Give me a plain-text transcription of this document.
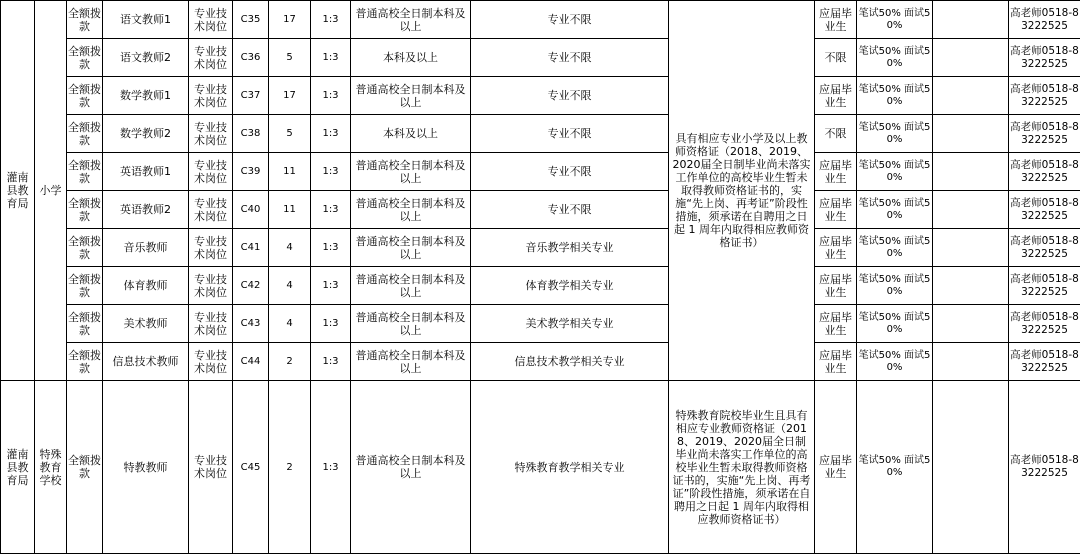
灌南县教育局	小学	全额拨款	语文教师1	专业技术岗位	C35	17	1:3	普通高校全日制本科及以上	专业不限	具有相应专业小学及以上教师资格证（2018、2019、2020届全日制毕业尚未落实工作单位的高校毕业生暂未取得教师资格证书的，实施“先上岗、再考证”阶段性措施，须承诺在自聘用之日起 1 周年内取得相应教师资格证书）	应届毕业生	笔试50% 面试50%		高老师0518-83222525
		全额拨款	语文教师2	专业技术岗位	C36	5	1:3	本科及以上	专业不限		不限	笔试50% 面试50%		高老师0518-83222525
		全额拨款	数学教师1	专业技术岗位	C37	17	1:3	普通高校全日制本科及以上	专业不限		应届毕业生	笔试50% 面试50%		高老师0518-83222525
		全额拨款	数学教师2	专业技术岗位	C38	5	1:3	本科及以上	专业不限		不限	笔试50% 面试50%		高老师0518-83222525
		全额拨款	英语教师1	专业技术岗位	C39	11	1:3	普通高校全日制本科及以上	专业不限		应届毕业生	笔试50% 面试50%		高老师0518-83222525
		全额拨款	英语教师2	专业技术岗位	C40	11	1:3	普通高校全日制本科及以上	专业不限		应届毕业生	笔试50% 面试50%		高老师0518-83222525
		全额拨款	音乐教师	专业技术岗位	C41	4	1:3	普通高校全日制本科及以上	音乐教学相关专业		应届毕业生	笔试50% 面试50%		高老师0518-83222525
		全额拨款	体育教师	专业技术岗位	C42	4	1:3	普通高校全日制本科及以上	体育教学相关专业		应届毕业生	笔试50% 面试50%		高老师0518-83222525
		全额拨款	美术教师	专业技术岗位	C43	4	1:3	普通高校全日制本科及以上	美术教学相关专业		应届毕业生	笔试50% 面试50%		高老师0518-83222525
		全额拨款	信息技术教师	专业技术岗位	C44	2	1:3	普通高校全日制本科及以上	信息技术教学相关专业		应届毕业生	笔试50% 面试50%		高老师0518-83222525
灌南县教育局	特殊教育学校	全额拨款	特教教师	专业技术岗位	C45	2	1:3	普通高校全日制本科及以上	特殊教育教学相关专业	特殊教育院校毕业生且具有相应专业教师资格证（2018、2019、2020届全日制毕业尚未落实工作单位的高校毕业生暂未取得教师资格证书的，实施“先上岗、再考证”阶段性措施，须承诺在自聘用之日起 1 周年内取得相应教师资格证书）	应届毕业生	笔试50% 面试50%		高老师0518-83222525
